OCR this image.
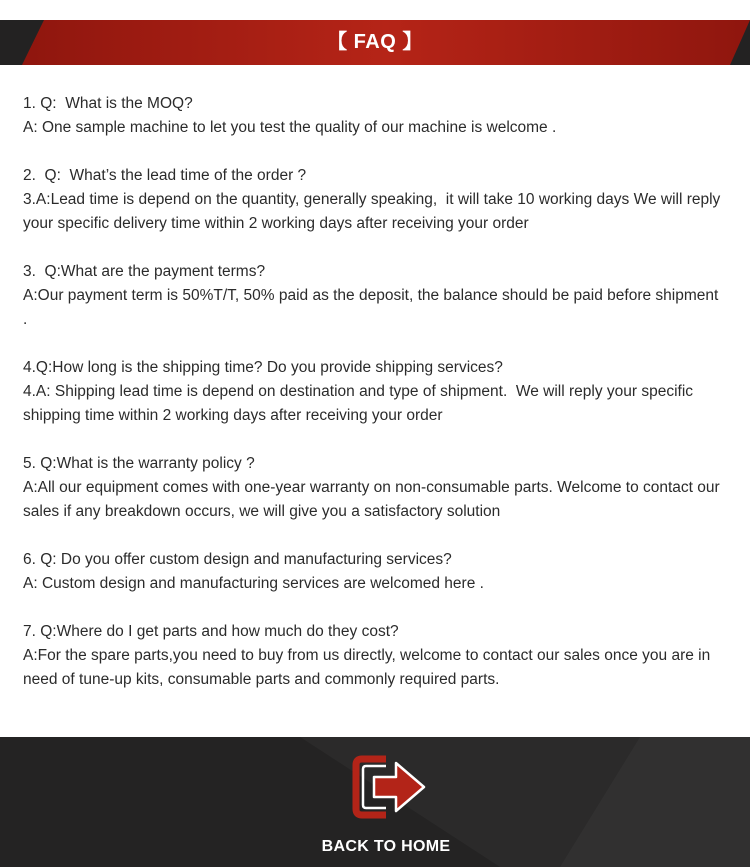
【 FAQ 】

1. Q:  What is the MOQ?

A: One sample machine to let you test the quality of our machine is welcome .

2.  Q:  What’s the lead time of the order ?

3.A:Lead time is depend on the quantity, generally speaking,  it will take 10 working days We will reply your specific delivery time within 2 working days after receiving your order

3.  Q:What are the payment terms?

A:Our payment term is 50%T/T, 50% paid as the deposit, the balance should be paid before shipment .

4.Q:How long is the shipping time? Do you provide shipping services?

4.A: Shipping lead time is depend on destination and type of shipment.  We will reply your specific shipping time within 2 working days after receiving your order

5. Q:What is the warranty policy ?

A:All our equipment comes with one-year warranty on non-consumable parts. Welcome to contact our sales if any breakdown occurs, we will give you a satisfactory solution

6. Q: Do you offer custom design and manufacturing services?

A: Custom design and manufacturing services are welcomed here .

7. Q:Where do I get parts and how much do they cost?

A:For the spare parts,you need to buy from us directly, welcome to contact our sales once you are in need of tune-up kits, consumable parts and commonly required parts.

BACK TO HOME
